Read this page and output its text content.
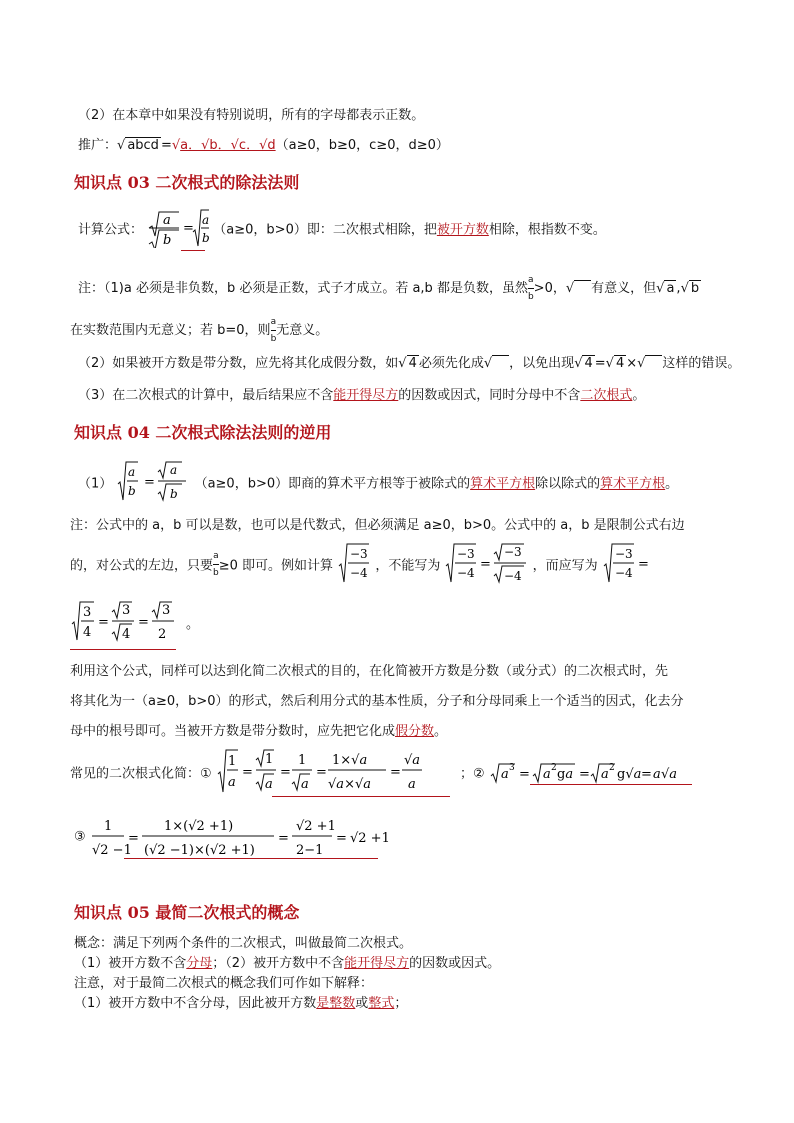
（2）在本章中如果没有特别说明，所有的字母都表示正数。
推广：√ abcd =√a．√b．√c．√d（a≥0，b≥0，c≥0，d≥0）
知识点 03 二次根式的除法法则
计算公式：
a
b
=
a
b
（a≥0，b>0）即：二次根式相除，把被开方数相除，根指数不变。
注：（1)a 必须是非负数，b 必须是正数，式子才成立。若 a,b 都是负数，虽然 $\frac{a}{b} >0$，√  有意义，但√ a ,√ b
在实数范围内无意义；若 b=0，则 $\frac{a}{b}$ 无意义。
（2）如果被开方数是带分数，应先将其化成假分数，如√ 4 必须先化成√  ，以免出现√ 4 =√ 4 ×√  这样的错误。
（3）在二次根式的计算中，最后结果应不含能开得尽方的因数或因式，同时分母中不含二次根式。
知识点 04 二次根式除法法则的逆用
（1）
a
b
=
a
b
（a≥0，b>0）即商的算术平方根等于被除式的算术平方根除以除式的算术平方根。
注：公式中的 a，b 可以是数，也可以是代数式，但必须满足 a≥0，b>0。公式中的 a，b 是限制公式右边
的，对公式的左边，只要 $\frac{a}{b} \ge 0$ 即可。例如计算
−3
−4 ，不能写为
−3
−4
=
−3
−4
，而应写为
−3
−4
=
3
4
=
3
4
=
3
2
。
利用这个公式，同样可以达到化简二次根式的目的，在化简被开方数是分数（或分式）的二次根式时，先
将其化为一（a≥0，b>0）的形式，然后利用分式的基本性质，分子和分母同乘上一个适当的因式，化去分
母中的根号即可。当被开方数是带分数时，应先把它化成假分数。
常见的二次根式化简：①
1
a
=
1
a
=
1
a
=
1×√a
√a×√a
=
√a
a
；② a 3 = a 2 ga = a 2 g√a = a √a
③
1
√2 −1
=
1×(√2 +1)
(√2 −1)×(√2 +1)
=
√2 +1
2−1
= √2 +1
知识点 05 最简二次根式的概念
概念：满足下列两个条件的二次根式，叫做最简二次根式。
（1）被开方数不含分母；（2）被开方数中不含能开得尽方的因数或因式。
注意，对于最简二次根式的概念我们可作如下解释：
（1）被开方数中不含分母，因此被开方数是整数或整式；
